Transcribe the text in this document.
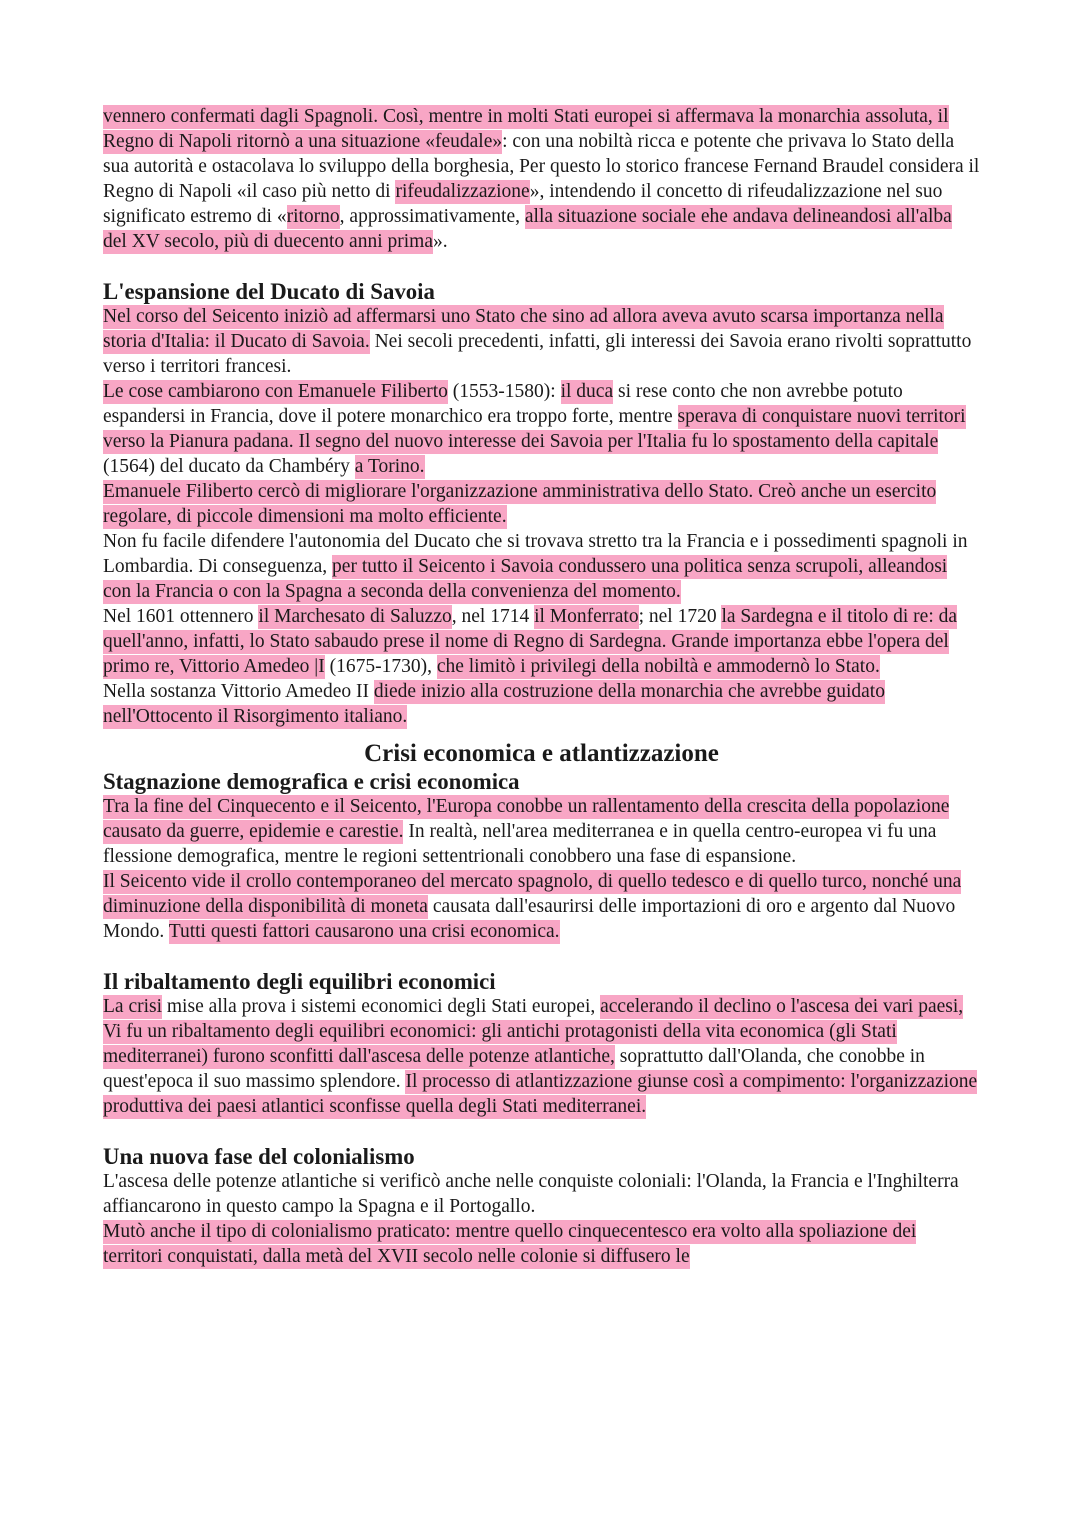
vennero confermati dagli Spagnoli. Così, mentre in molti Stati europei si affermava la monarchia assoluta, il Regno di Napoli ritornò a una situazione «feudale»: con una nobiltà ricca e potente che privava lo Stato della sua autorità e ostacolava lo sviluppo della borghesia, Per questo lo storico francese Fernand Braudel considera il Regno di Napoli «il caso più netto di rifeudalizzazione», intendendo il concetto di rifeudalizzazione nel suo significato estremo di «ritorno, approssimativamente, alla situazione sociale ehe andava delineandosi all'alba del XV secolo, più di duecento anni prima».

L'espansione del Ducato di Savoia

Nel corso del Seicento iniziò ad affermarsi uno Stato che sino ad allora aveva avuto scarsa importanza nella storia d'Italia: il Ducato di Savoia. Nei secoli precedenti, infatti, gli interessi dei Savoia erano rivolti soprattutto verso i territori francesi.

Le cose cambiarono con Emanuele Filiberto (1553-1580): il duca si rese conto che non avrebbe potuto espandersi in Francia, dove il potere monarchico era troppo forte, mentre sperava di conquistare nuovi territori verso la Pianura padana. Il segno del nuovo interesse dei Savoia per l'Italia fu lo spostamento della capitale (1564) del ducato da Chambéry a Torino.

Emanuele Filiberto cercò di migliorare l'organizzazione amministrativa dello Stato. Creò anche un esercito regolare, di piccole dimensioni ma molto efficiente.

Non fu facile difendere l'autonomia del Ducato che si trovava stretto tra la Francia e i possedimenti spagnoli in Lombardia. Di conseguenza, per tutto il Seicento i Savoia condussero una politica senza scrupoli, alleandosi con la Francia o con la Spagna a seconda della convenienza del momento.

Nel 1601 ottennero il Marchesato di Saluzzo, nel 1714 il Monferrato; nel 1720 la Sardegna e il titolo di re: da quell'anno, infatti, lo Stato sabaudo prese il nome di Regno di Sardegna. Grande importanza ebbe l'opera del primo re, Vittorio Amedeo |I (1675-1730), che limitò i privilegi della nobiltà e ammodernò lo Stato.

Nella sostanza Vittorio Amedeo II diede inizio alla costruzione della monarchia che avrebbe guidato nell'Ottocento il Risorgimento italiano.

Crisi economica e atlantizzazione
Stagnazione demografica e crisi economica

Tra la fine del Cinquecento e il Seicento, l'Europa conobbe un rallentamento della crescita della popolazione causato da guerre, epidemie e carestie. In realtà, nell'area mediterranea e in quella centro-europea vi fu una flessione demografica, mentre le regioni settentrionali conobbero una fase di espansione.

Il Seicento vide il crollo contemporaneo del mercato spagnolo, di quello tedesco e di quello turco, nonché una diminuzione della disponibilità di moneta causata dall'esaurirsi delle importazioni di oro e argento dal Nuovo Mondo. Tutti questi fattori causarono una crisi economica.

Il ribaltamento degli equilibri economici

La crisi mise alla prova i sistemi economici degli Stati europei, accelerando il declino o l'ascesa dei vari paesi, Vi fu un ribaltamento degli equilibri economici: gli antichi protagonisti della vita economica (gli Stati mediterranei) furono sconfitti dall'ascesa delle potenze atlantiche, soprattutto dall'Olanda, che conobbe in quest'epoca il suo massimo splendore. Il processo di atlantizzazione giunse così a compimento: l'organizzazione produttiva dei paesi atlantici sconfisse quella degli Stati mediterranei.

Una nuova fase del colonialismo

L'ascesa delle potenze atlantiche si verificò anche nelle conquiste coloniali: l'Olanda, la Francia e l'Inghilterra affiancarono in questo campo la Spagna e il Portogallo.

Mutò anche il tipo di colonialismo praticato: mentre quello cinquecentesco era volto alla spoliazione dei territori conquistati, dalla metà del XVII secolo nelle colonie si diffusero le
